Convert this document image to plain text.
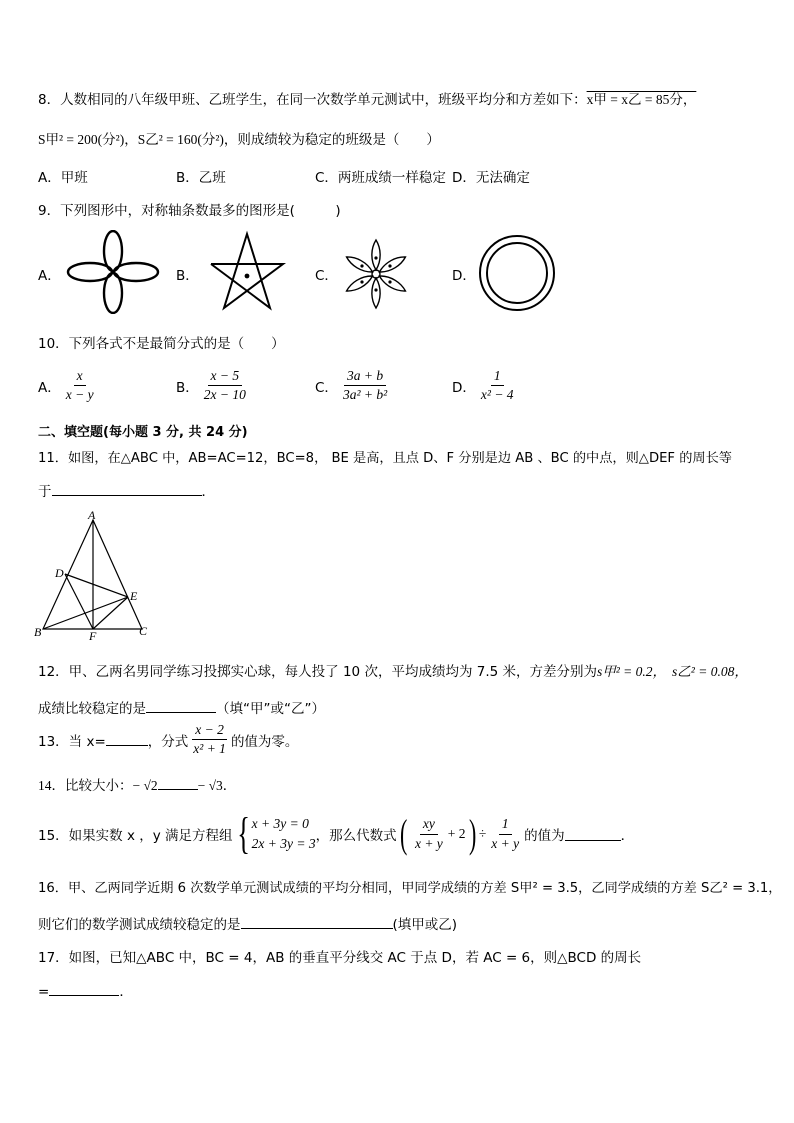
8．人数相同的八年级甲班、乙班学生，在同一次数学单元测试中，班级平均分和方差如下：x甲 = x乙 = 85分，
S甲² = 200(分²)，S乙² = 160(分²)，则成绩较为稳定的班级是（　　）
A．甲班	B．乙班	C．两班成绩一样稳定 D．无法确定
9．下列图形中，对称轴条数最多的图形是(　　　)
A．	B．	C．	D．
10．下列各式不是最简分式的是（　　）
A． $\frac{x}{x - y}$	B． $\frac{x - 5}{2x - 10}$	C． $\frac{3a + b}{\text{3a² + b²}}$	D． $\frac{1}{\text{x² − 4}}$
二、填空题(每小题 3 分, 共 24 分)
11．如图，在△ABC 中，AB=AC=12，BC=8， BE 是高，且点 D、F 分别是边 AB 、BC 的中点，则△DEF 的周长等
于	．
A
D
E
B	F	C
12．甲、乙两名男同学练习投掷实心球，每人投了 10 次，平均成绩均为 7.5 米，方差分别为s甲² = 0.2， s乙² = 0.08，
成绩比较稳定的是	（填“甲”或“乙”）
13．当 x=	，分式 $\frac{x - 2}{\text{x² + 1}}$ 的值为零。
14．比较大小：− √2	− √3．
15．如果实数 x ，y 满足方程组 { x + 3y = 0
2x + 3y = 3 ，那么代数式 ( $\frac{xy}{x + y} + 2$ ) ÷ $\frac{1}{x + y}$ 的值为	．
16．甲、乙两同学近期 6 次数学单元测试成绩的平均分相同，甲同学成绩的方差 S甲² = 3.5，乙同学成绩的方差 S乙² = 3.1，
则它们的数学测试成绩较稳定的是	(填甲或乙)
17．如图，已知△ABC 中，BC = 4，AB 的垂直平分线交 AC 于点 D，若 AC = 6，则△BCD 的周长
=	．
